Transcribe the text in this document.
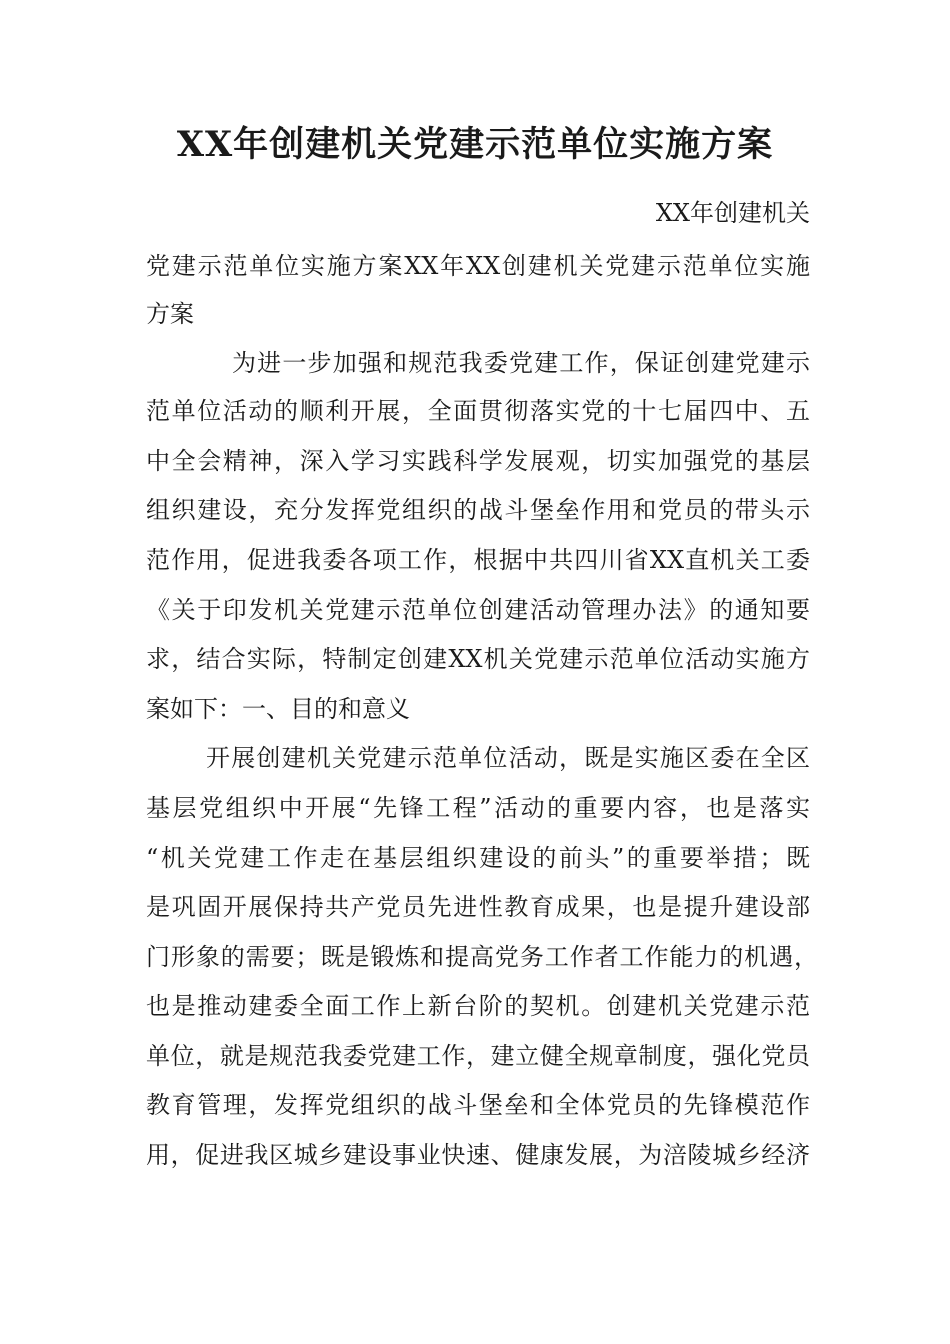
XX年创建机关党建示范单位实施方案
XX年创建机关
党建示范单位实施方案XX年XX创建机关党建示范单位实施
方案
为进一步加强和规范我委党建工作，保证创建党建示
范单位活动的顺利开展，全面贯彻落实党的十七届四中、五
中全会精神，深入学习实践科学发展观，切实加强党的基层
组织建设，充分发挥党组织的战斗堡垒作用和党员的带头示
范作用，促进我委各项工作，根据中共四川省XX直机关工委
《关于印发机关党建示范单位创建活动管理办法》的通知要
求，结合实际，特制定创建XX机关党建示范单位活动实施方
案如下：一、目的和意义
开展创建机关党建示范单位活动，既是实施区委在全区
基层党组织中开展“先锋工程”活动的重要内容，也是落实
“机关党建工作走在基层组织建设的前头”的重要举措；既
是巩固开展保持共产党员先进性教育成果，也是提升建设部
门形象的需要；既是锻炼和提高党务工作者工作能力的机遇，
也是推动建委全面工作上新台阶的契机。创建机关党建示范
单位，就是规范我委党建工作，建立健全规章制度，强化党员
教育管理，发挥党组织的战斗堡垒和全体党员的先锋模范作
用，促进我区城乡建设事业快速、健康发展，为涪陵城乡经济
